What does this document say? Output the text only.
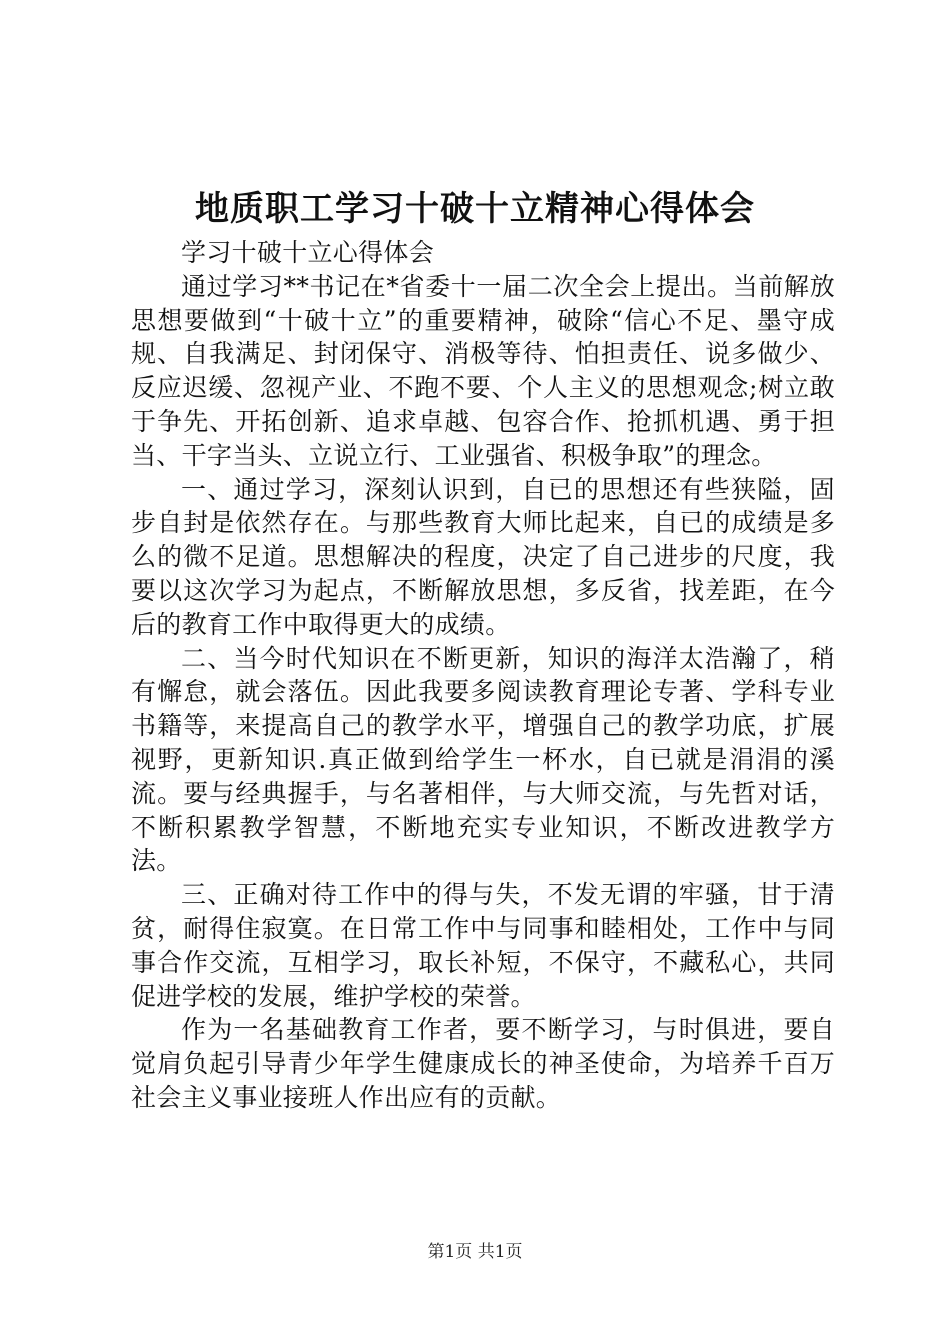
地质职工学习十破十立精神心得体会

学习十破十立心得体会

通过学习**书记在*省委十一届二次全会上提出。当前解放思想要做到“十破十立”的重要精神，破除“信心不足、墨守成规、自我满足、封闭保守、消极等待、怕担责任、说多做少、反应迟缓、忽视产业、不跑不要、个人主义的思想观念;树立敢于争先、开拓创新、追求卓越、包容合作、抢抓机遇、勇于担当、干字当头、立说立行、工业强省、积极争取”的理念。

一、通过学习，深刻认识到，自已的思想还有些狭隘，固步自封是依然存在。与那些教育大师比起来，自已的成绩是多么的微不足道。思想解决的程度，决定了自己进步的尺度，我要以这次学习为起点，不断解放思想，多反省，找差距，在今后的教育工作中取得更大的成绩。

二、当今时代知识在不断更新，知识的海洋太浩瀚了，稍有懈怠，就会落伍。因此我要多阅读教育理论专著、学科专业书籍等，来提高自己的教学水平，增强自己的教学功底，扩展视野，更新知识.真正做到给学生一杯水，自已就是涓涓的溪流。要与经典握手，与名著相伴，与大师交流，与先哲对话，不断积累教学智慧，不断地充实专业知识，不断改进教学方法。

三、正确对待工作中的得与失，不发无谓的牢骚，甘于清贫，耐得住寂寞。在日常工作中与同事和睦相处，工作中与同事合作交流，互相学习，取长补短，不保守，不藏私心，共同促进学校的发展，维护学校的荣誉。

作为一名基础教育工作者，要不断学习，与时俱进，要自觉肩负起引导青少年学生健康成长的神圣使命，为培养千百万社会主义事业接班人作出应有的贡献。

第1页 共1页
